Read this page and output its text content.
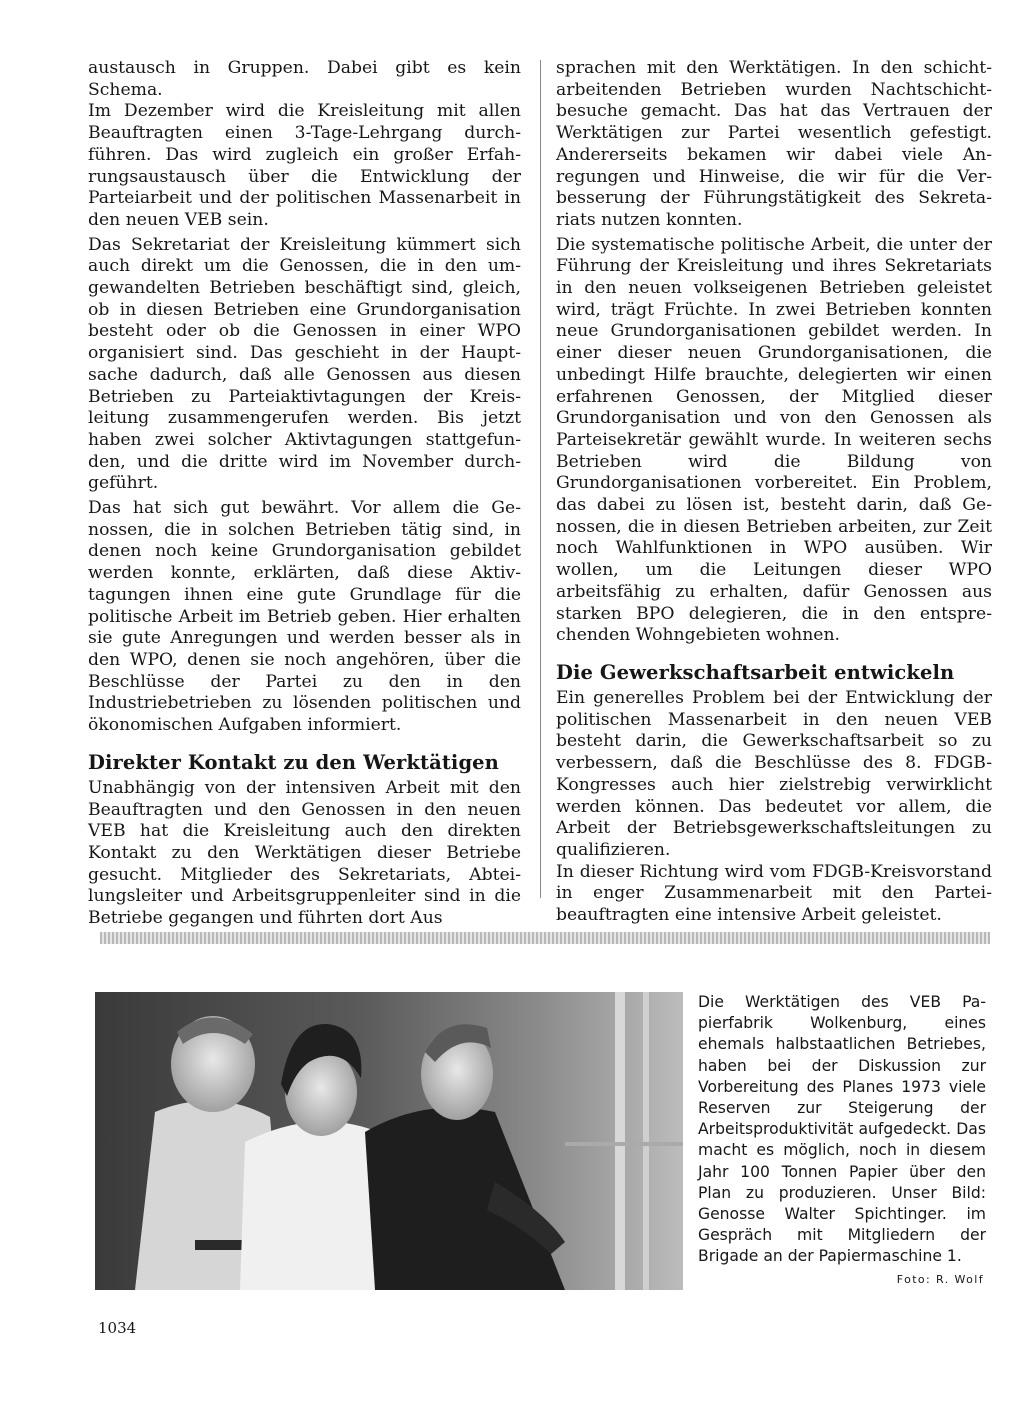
austausch in Gruppen. Dabei gibt es kein Schema.

Im Dezember wird die Kreisleitung mit allen Beauftragten einen 3-Tage-Lehrgang durchführen. Das wird zugleich ein großer Erfahrungsaustausch über die Entwicklung der Parteiarbeit und der politischen Massenarbeit in den neuen VEB sein.

Das Sekretariat der Kreisleitung kümmert sich auch direkt um die Genossen, die in den umgewandelten Betrieben beschäftigt sind, gleich, ob in diesen Betrieben eine Grundorganisation besteht oder ob die Genossen in einer WPO organisiert sind. Das geschieht in der Hauptsache dadurch, daß alle Genossen aus diesen Betrieben zu Parteiaktivtagungen der Kreisleitung zusammengerufen werden. Bis jetzt haben zwei solcher Aktivtagungen stattgefunden, und die dritte wird im November durchgeführt.

Das hat sich gut bewährt. Vor allem die Genossen, die in solchen Betrieben tätig sind, in denen noch keine Grundorganisation gebildet werden konnte, erklärten, daß diese Aktivtagungen ihnen eine gute Grundlage für die politische Arbeit im Betrieb geben. Hier erhalten sie gute Anregungen und werden besser als in den WPO, denen sie noch angehören, über die Beschlüsse der Partei zu den in den Industriebetrieben zu lösenden politischen und ökonomischen Aufgaben informiert.

Direkter Kontakt zu den Werktätigen

Unabhängig von der intensiven Arbeit mit den Beauftragten und den Genossen in den neuen VEB hat die Kreisleitung auch den direkten Kontakt zu den Werktätigen dieser Betriebe gesucht. Mitglieder des Sekretariats, Abteilungsleiter und Arbeitsgruppenleiter sind in die Betriebe gegangen und führten dort Aus

sprachen mit den Werktätigen. In den schichtarbeitenden Betrieben wurden Nachtschichtbesuche gemacht. Das hat das Vertrauen der Werktätigen zur Partei wesentlich gefestigt. Andererseits bekamen wir dabei viele Anregungen und Hinweise, die wir für die Verbesserung der Führungstätigkeit des Sekretariats nutzen konnten.

Die systematische politische Arbeit, die unter der Führung der Kreisleitung und ihres Sekretariats in den neuen volkseigenen Betrieben geleistet wird, trägt Früchte. In zwei Betrieben konnten neue Grundorganisationen gebildet werden. In einer dieser neuen Grundorganisationen, die unbedingt Hilfe brauchte, delegierten wir einen erfahrenen Genossen, der Mitglied dieser Grundorganisation und von den Genossen als Parteisekretär gewählt wurde. In weiteren sechs Betrieben wird die Bildung von Grundorganisationen vorbereitet. Ein Problem, das dabei zu lösen ist, besteht darin, daß Genossen, die in diesen Betrieben arbeiten, zur Zeit noch Wahlfunktionen in WPO ausüben. Wir wollen, um die Leitungen dieser WPO arbeitsfähig zu erhalten, dafür Genossen aus starken BPO delegieren, die in den entsprechenden Wohngebieten wohnen.

Die Gewerkschaftsarbeit entwickeln

Ein generelles Problem bei der Entwicklung der politischen Massenarbeit in den neuen VEB besteht darin, die Gewerkschaftsarbeit so zu verbessern, daß die Beschlüsse des 8. FDGB-Kongresses auch hier zielstrebig verwirklicht werden können. Das bedeutet vor allem, die Arbeit der Betriebsgewerkschaftsleitungen zu qualifizieren.

In dieser Richtung wird vom FDGB-Kreisvorstand in enger Zusammenarbeit mit den Parteibeauftragten eine intensive Arbeit geleistet.

Die Werktätigen des VEB Papierfabrik Wolkenburg, eines ehemals halbstaatlichen Betriebes, haben bei der Diskussion zur Vorbereitung des Planes 1973 viele Reserven zur Steigerung der Arbeitsproduktivität aufgedeckt. Das macht es möglich, noch in diesem Jahr 100 Tonnen Papier über den Plan zu produzieren. Unser Bild: Genosse Walter Spichtinger. im Gespräch mit Mitgliedern der Brigade an der Papiermaschine 1.

Foto: R. Wolf
1034
